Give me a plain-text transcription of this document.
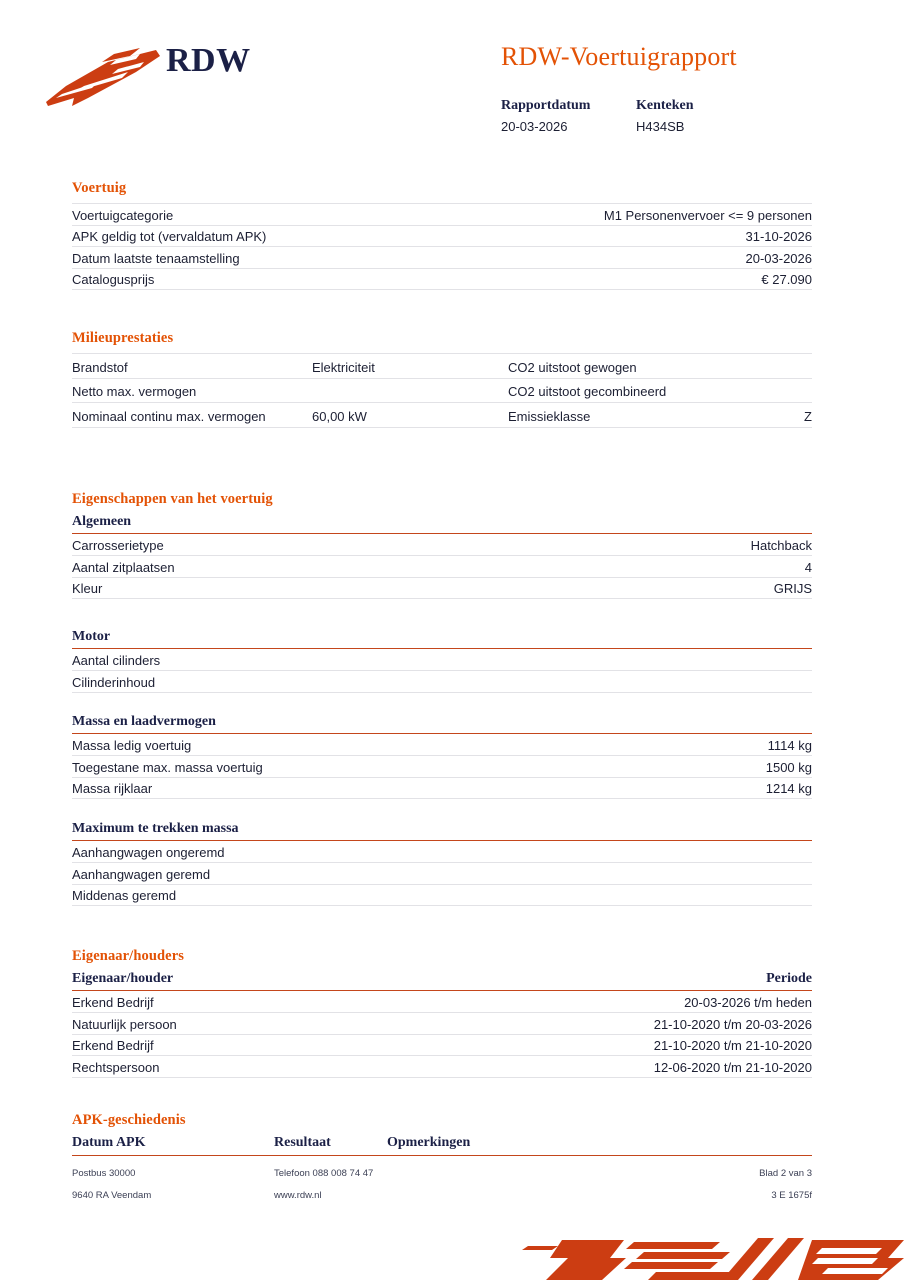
RDW	RDW-Voertuigrapport
Rapportdatum
20-03-2026
Kenteken
H434SB
Voertuig
Voertuigcategorie	M1 Personenvervoer <= 9 personen
APK geldig tot (vervaldatum APK)	31-10-2026
Datum laatste tenaamstelling	20-03-2026
Catalogusprijs	€ 27.090
Milieuprestaties
Brandstof	Elektriciteit	CO2 uitstoot gewogen	
Netto max. vermogen		CO2 uitstoot gecombineerd	
Nominaal continu max. vermogen	60,00 kW	Emissieklasse	Z
Eigenschappen van het voertuig
Algemeen
Carrosserietype	Hatchback
Aantal zitplaatsen	4
Kleur	GRIJS
Motor
Aantal cilinders	
Cilinderinhoud	
Massa en laadvermogen
Massa ledig voertuig	1114 kg
Toegestane max. massa voertuig	1500 kg
Massa rijklaar	1214 kg
Maximum te trekken massa
Aanhangwagen ongeremd	
Aanhangwagen geremd	
Middenas geremd	
Eigenaar/houders
Eigenaar/houder	Periode
Erkend Bedrijf	20-03-2026 t/m heden
Natuurlijk persoon	21-10-2020 t/m 20-03-2026
Erkend Bedrijf	21-10-2020 t/m 21-10-2020
Rechtspersoon	12-06-2020 t/m 21-10-2020
APK-geschiedenis
Datum APK	Resultaat	Opmerkingen
Postbus 30000	Telefoon 088 008 74 47	Blad 2 van 3
9640 RA Veendam	www.rdw.nl	3 E 1675f
